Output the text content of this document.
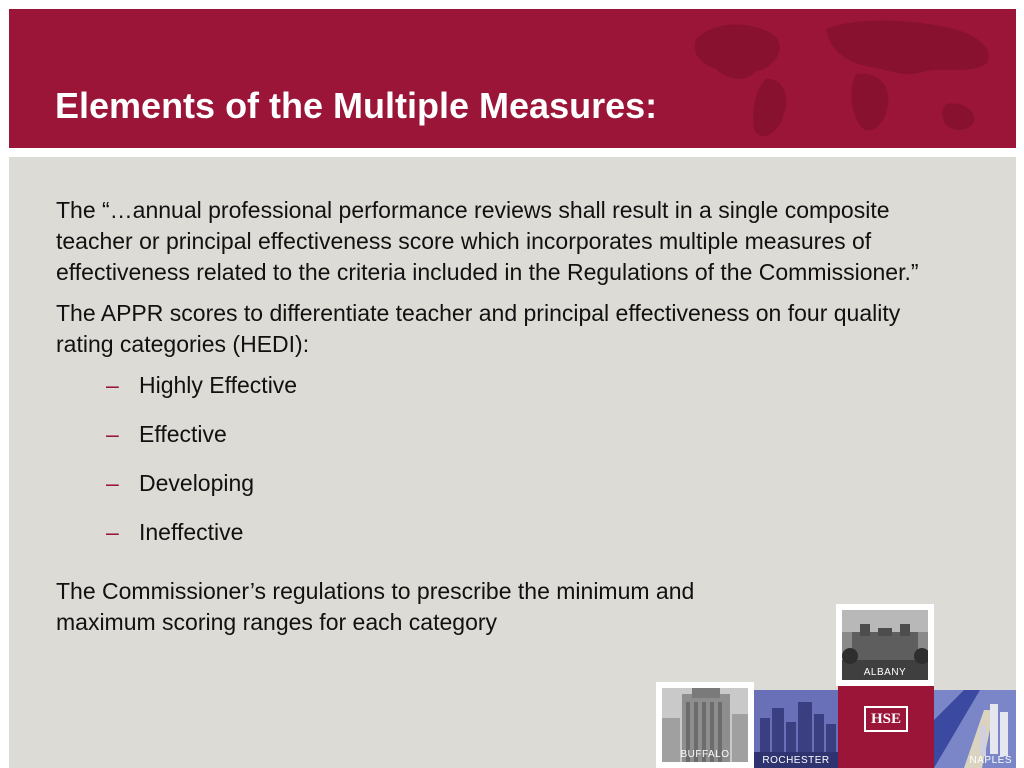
Elements of the Multiple Measures:

The “…annual professional performance reviews shall result in a single composite teacher or principal effectiveness score which incorporates multiple measures of effectiveness related to the criteria included in the Regulations of the Commissioner.”

The APPR scores to differentiate teacher and principal effectiveness on four quality rating categories (HEDI):

– Highly Effective
– Effective
– Developing
– Ineffective

The Commissioner’s regulations to prescribe the minimum and maximum scoring ranges for each category

ALBANY
BUFFALO
ROCHESTER
HSE
NAPLES
